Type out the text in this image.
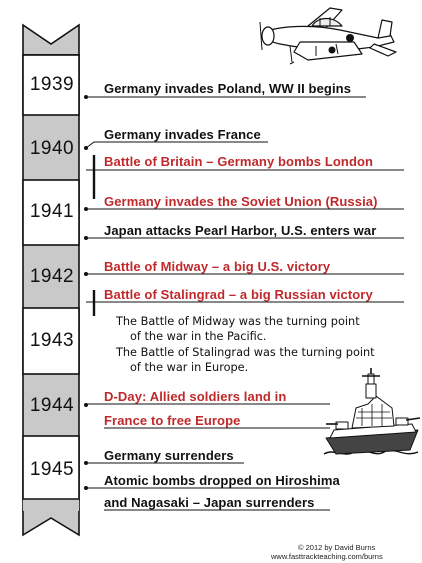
1939
1940
1941
1942
1943
1944
1945
Germany invades Poland, WW II begins
Germany invades France
Battle of Britain – Germany bombs London
Germany invades the Soviet Union (Russia)
Japan attacks Pearl Harbor, U.S. enters war
Battle of Midway – a big U.S. victory
Battle of Stalingrad – a big Russian victory
The Battle of Midway was the turning point
of the war in the Pacific.
The Battle of Stalingrad was the turning point
of the war in Europe.
D-Day: Allied soldiers land in
France to free Europe
Germany surrenders
Atomic bombs dropped on Hiroshima
and Nagasaki – Japan surrenders
© 2012 by David Burns
www.fasttrackteaching.com/burns
